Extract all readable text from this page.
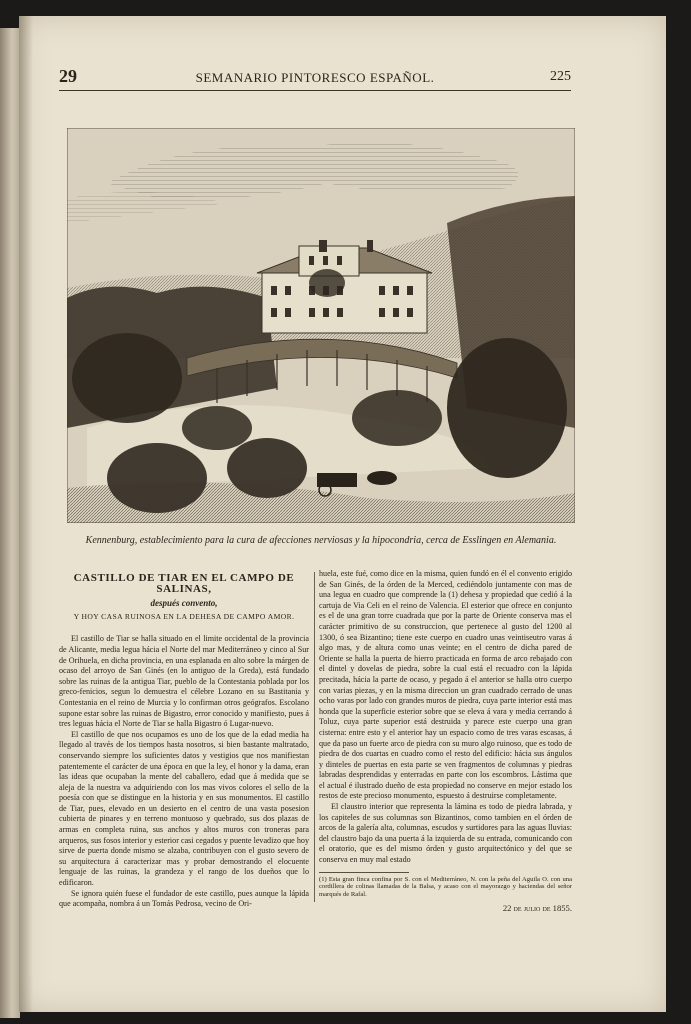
29	SEMANARIO PINTORESCO ESPAÑOL.	225
Kennenburg, establecimiento para la cura de afecciones nerviosas y la hipocondria, cerca de Esslingen en Alemania.
CASTILLO DE TIAR EN EL CAMPO DE SALINAS,
después convento,
Y HOY CASA RUINOSA EN LA DEHESA DE CAMPO AMOR.

El castillo de Tiar se halla situado en el limite occidental de la provincia de Alicante, media legua hácia el Norte del mar Mediterráneo y cinco al Sur de Orihuela, en dicha provincia, en una esplanada en alto sobre la márgen de ocaso del arroyo de San Ginés (en lo antiguo de la Greda), está fundado sobre las ruinas de la antigua Tiar, pueblo de la Contestania poblada por los greco-fenicios, segun lo demuestra el célebre Lozano en su Bastitania y Contestania en el reino de Murcia y lo confirman otros geógrafos. Escolano supone estar sobre las ruinas de Bigastro, error conocido y manifiesto, pues á tres leguas hácia el Norte de Tiar se halla Bigastro ó Lugar-nuevo.

El castillo de que nos ocupamos es uno de los que de la edad media ha llegado al través de los tiempos hasta nosotros, si bien bastante maltratado, conservando siempre los suficientes datos y vestigios que nos manifiestan patentemente el carácter de una época en que la ley, el honor y la dama, eran las ideas que ocupaban la mente del caballero, edad que á medida que se aleja de la nuestra va adquiriendo con los mas vivos colores el sello de la poesía con que se distingue en la historia y en sus monumentos. El castillo de Tiar, pues, elevado en un desierto en el centro de una vasta posesion cubierta de pinares y en terreno montuoso y quebrado, sus dos plazas de armas en completa ruina, sus anchos y altos muros con troneras para arqueros, sus fosos interior y esterior casi cegados y puente levadizo que hoy sirve de puerta donde mismo se alzaba, contribuyen con el gusto severo de su arquitectura á caracterizar mas y probar demostrando el elocuente lenguaje de las ruinas, la grandeza y el rango de los dueños que lo edificaron.

Se ignora quién fuese el fundador de este castillo, pues aunque la lápida que acompaña, nombra á un Tomás Pedrosa, vecino de Ori-

huela, este fué, como dice en la misma, quien fundó en él el convento erigido de San Ginés, de la órden de la Merced, cediéndolo juntamente con mas de una legua en cuadro que comprende la (1) dehesa y propiedad que cedió á la cartuja de Via Celi en el reino de Valencia. El esterior que ofrece en conjunto es el de una gran torre cuadrada que por la parte de Oriente conserva mas el carácter primitivo de su construccion, que pertenece al gusto del 1200 al 1300, ó sea Bizantino; tiene este cuerpo en cuadro unas veintiseutro varas á algo mas, y de altura como unas veinte; en el centro de dicha pared de Oriente se halla la puerta de hierro practicada en forma de arco rebajado con el dintel y dovelas de piedra, sobre la cual está el recuadro con la lápida precitada, hácia la parte de ocaso, y pegado á el anterior se halla otro cuerpo con varias piezas, y en la misma direccion un gran cuadrado cerrado de unas ocho varas por lado con grandes muros de piedra, cuya parte interior está mas honda que la superficie esterior sobre que se eleva á vara y media cerrando á Toluz, cuya parte superior está destruida y parece este cuerpo una gran cisterna: entre esto y el anterior hay un espacio como de tres varas escasas, á que da paso un fuerte arco de piedra con su muro algo ruinoso, que es todo de piedra de dos cuartas en cuadro como el resto del edificio: hácia sus ángulos y dinteles de puertas en esta parte se ven fragmentos de columnas y piedras labradas desprendidas y enterradas en parte con los escombros. Lástima que el actual é ilustrado dueño de esta propiedad no conserve en mejor estado los restos de este precioso monumento, espuesto á destruirse completamente.

El claustro interior que representa la lámina es todo de piedra labrada, y los capiteles de sus columnas son Bizantinos, como tambien en el órden de arcos de la galería alta, columnas, escudos y surtidores para las aguas lluvias: del claustro bajo da una puerta á la izquierda de su entrada, comunicando con el oratorio, que es del mismo órden y gusto arquitectónico y del que se conserva en muy mal estado

(1) Esta gran finca confina por S. con el Mediterráneo, N. con la peña del Aguila O. con una cordillera de colinas llamadas de la Balsa, y acaso con el mayorazgo y haciendas del señor marqués de Rafal.

22 de julio de 1855.
